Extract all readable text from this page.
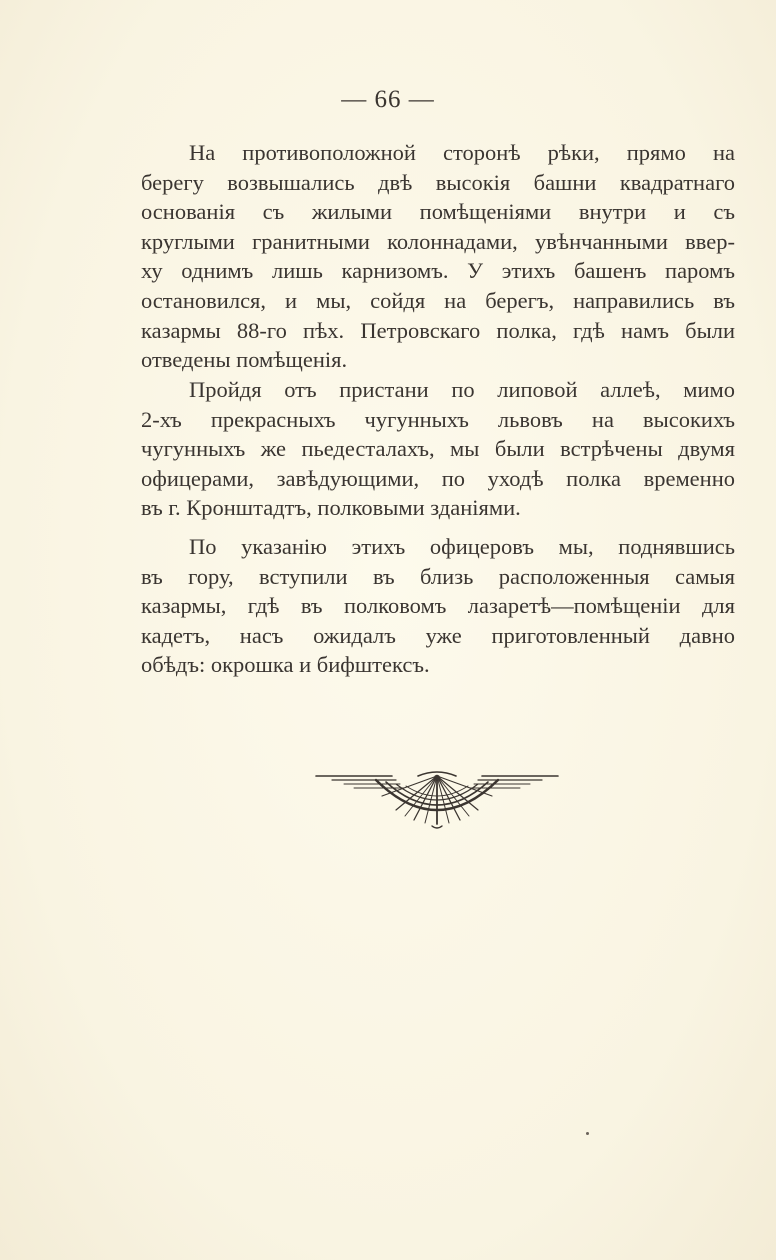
— 66 —
На противоположной сторонѣ рѣки, прямо на
берегу возвышались двѣ высокія башни квадратнаго
основанія съ жилыми помѣщеніями внутри и съ
круглыми гранитными колоннадами, увѣнчанными ввер-
ху однимъ лишь карнизомъ. У этихъ башенъ паромъ
остановился, и мы, сойдя на берегъ, направились въ
казармы 88-го пѣх. Петровскаго полка, гдѣ намъ были
отведены помѣщенія.
Пройдя отъ пристани по липовой аллеѣ, мимо
2-хъ прекрасныхъ чугунныхъ львовъ на высокихъ
чугунныхъ же пьедесталахъ, мы были встрѣчены двумя
офицерами, завѣдующими, по уходѣ полка временно
въ г. Кронштадтъ, полковыми зданіями.
По указанію этихъ офицеровъ мы, поднявшись
въ гору, вступили въ близь расположенныя самыя
казармы, гдѣ въ полковомъ лазаретѣ—помѣщеніи для
кадетъ, насъ ожидалъ уже приготовленный давно
обѣдъ: окрошка и бифштексъ.
